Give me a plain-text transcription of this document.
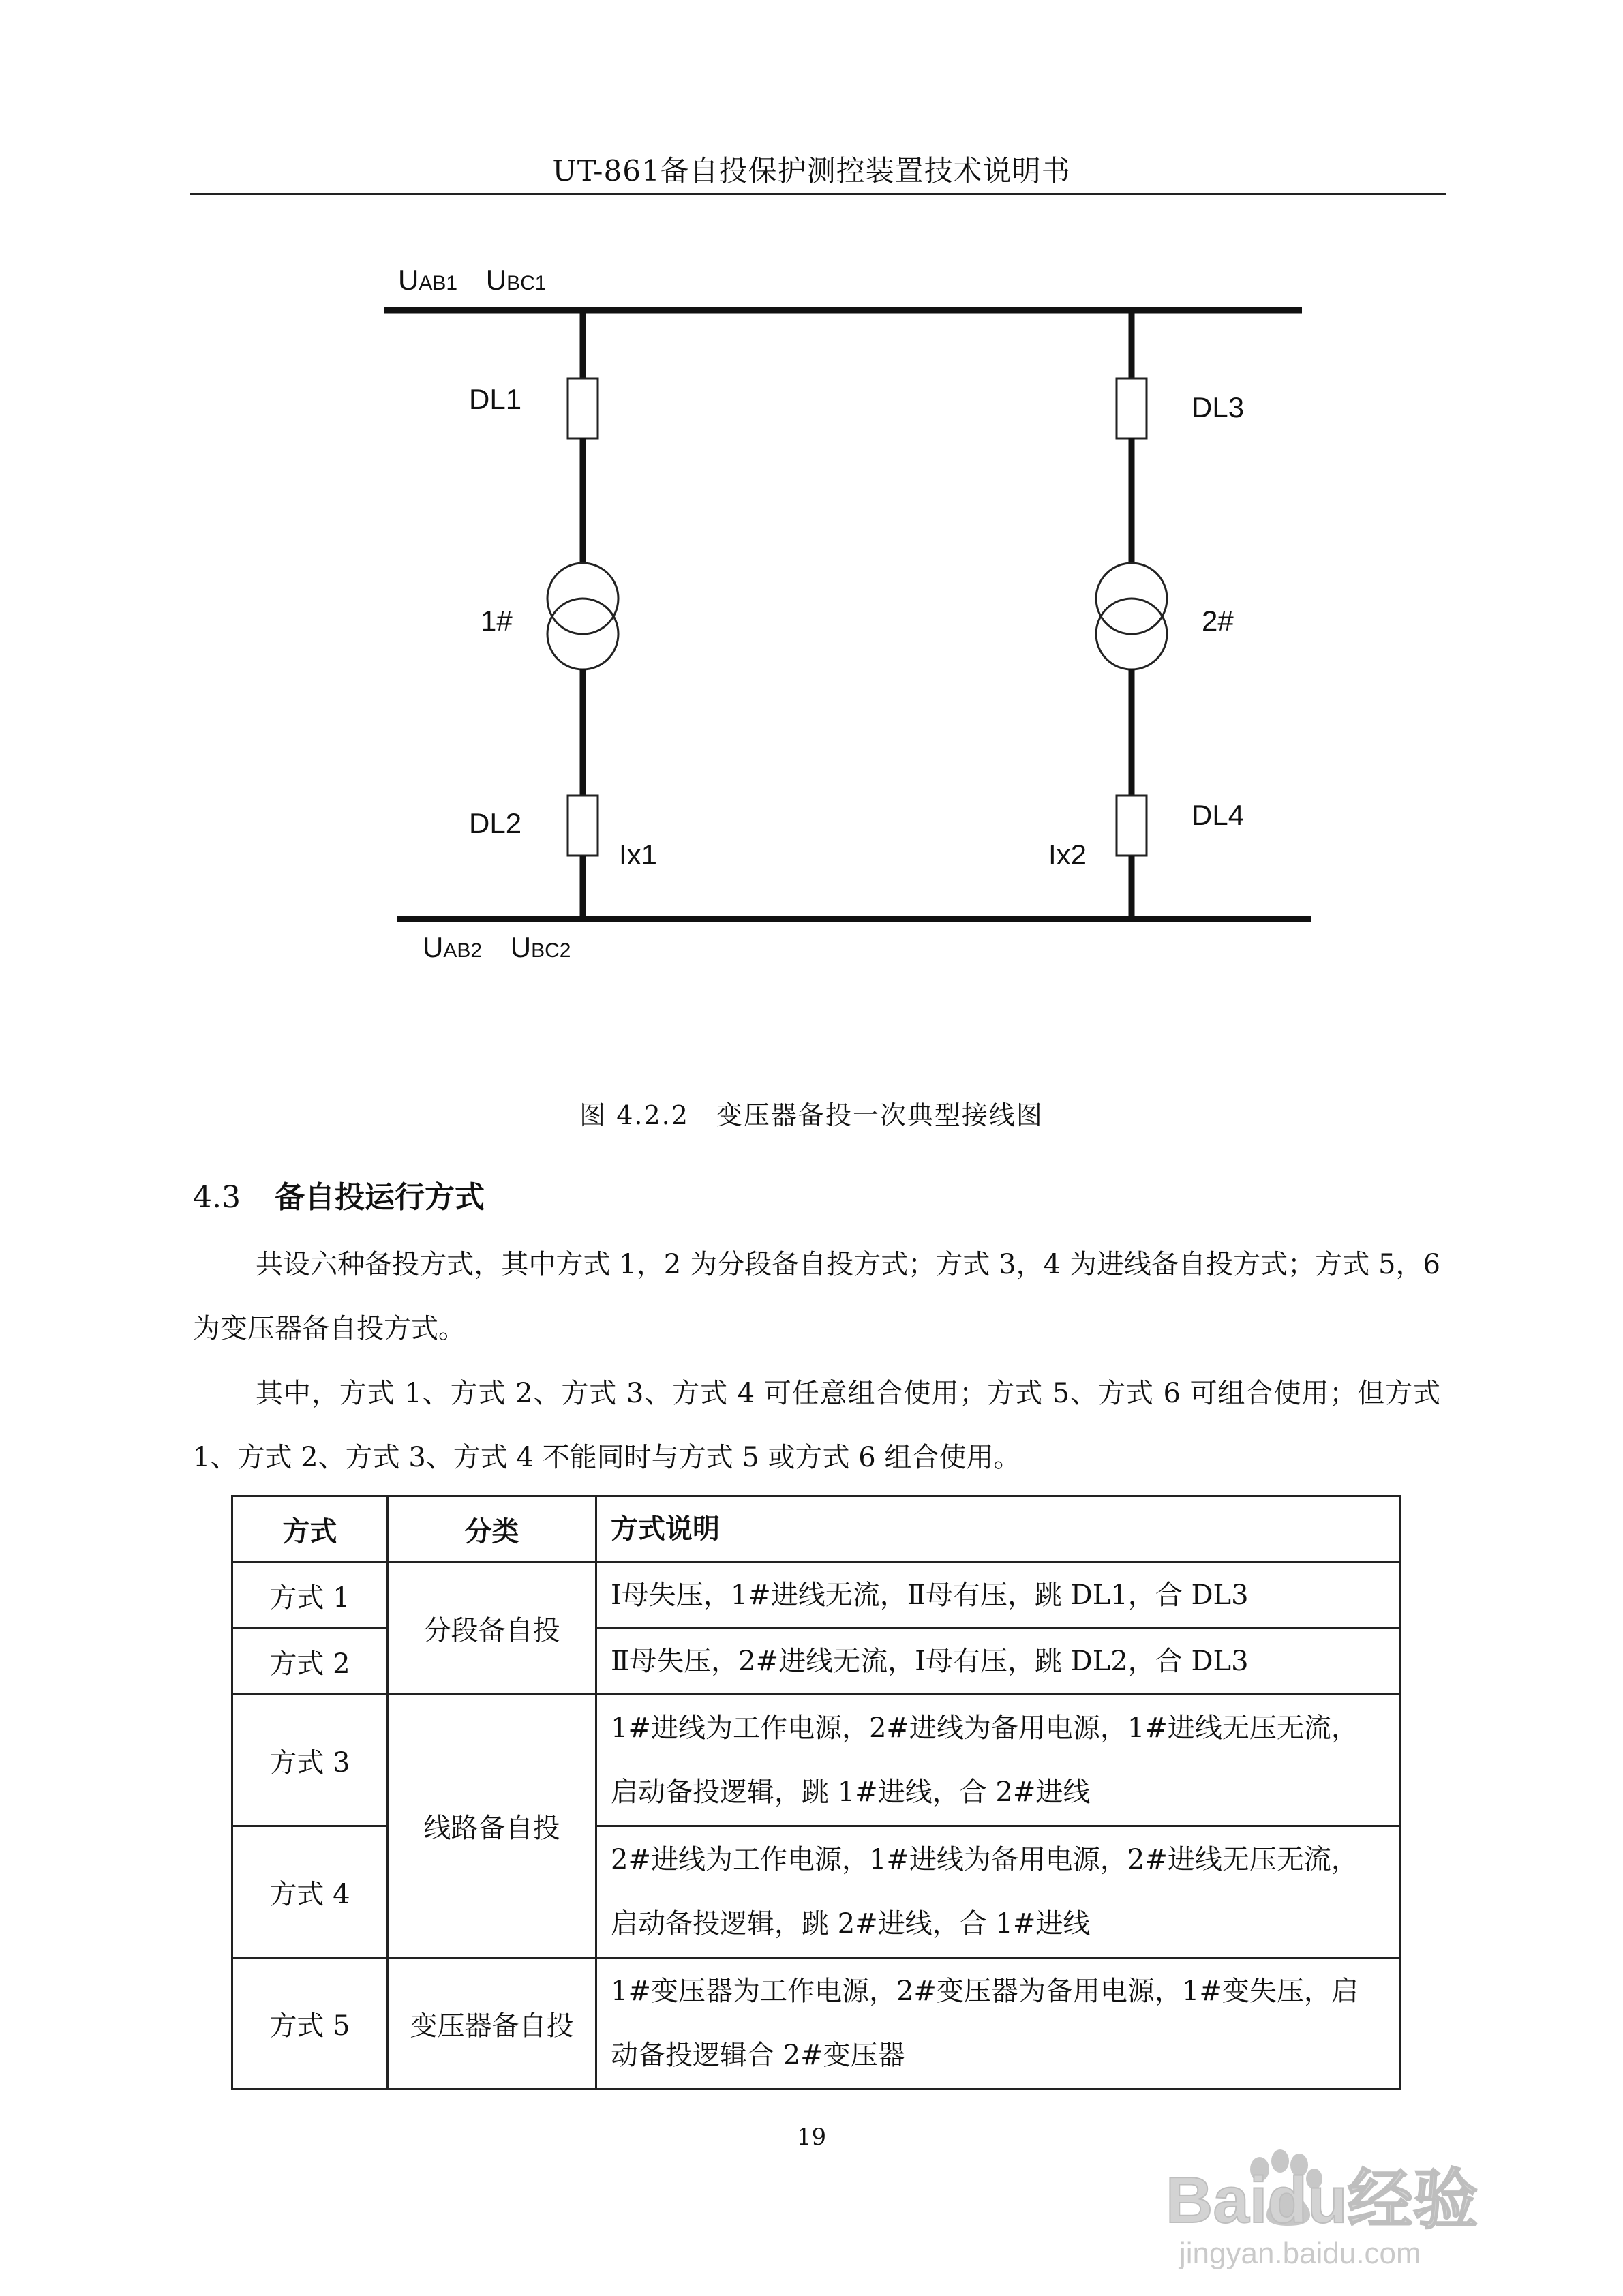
UT-861备自投保护测控装置技术说明书
UAB1 UBC1
UAB2 UBC2
DL1
DL2
DL3
DL4
1#	2#
Ix1	Ix2
图 4.2.2　变压器备投一次典型接线图
4.3 备自投运行方式
共设六种备投方式，其中方式 1，2 为分段备自投方式；方式 3，4 为进线备自投方式；方式 5，6 为变压器备自投方式。
其中，方式 1、方式 2、方式 3、方式 4 可任意组合使用；方式 5、方式 6 可组合使用；但方式 1、方式 2、方式 3、方式 4 不能同时与方式 5 或方式 6 组合使用。
方式	分类	方式说明
方式 1	分段备自投	Ⅰ母失压，1#进线无流，Ⅱ母有压，跳 DL1，合 DL3
方式 2		Ⅱ母失压，2#进线无流，Ⅰ母有压，跳 DL2，合 DL3
方式 3	线路备自投	1#进线为工作电源，2#进线为备用电源，1#进线无压无流，启动备投逻辑，跳 1#进线，合 2#进线
方式 4		2#进线为工作电源，1#进线为备用电源，2#进线无压无流，启动备投逻辑，跳 2#进线，合 1#进线
方式 5	变压器备自投	1#变压器为工作电源，2#变压器为备用电源，1#变失压，启动备投逻辑合 2#变压器
19
Baidu经验
jingyan.baidu.com
